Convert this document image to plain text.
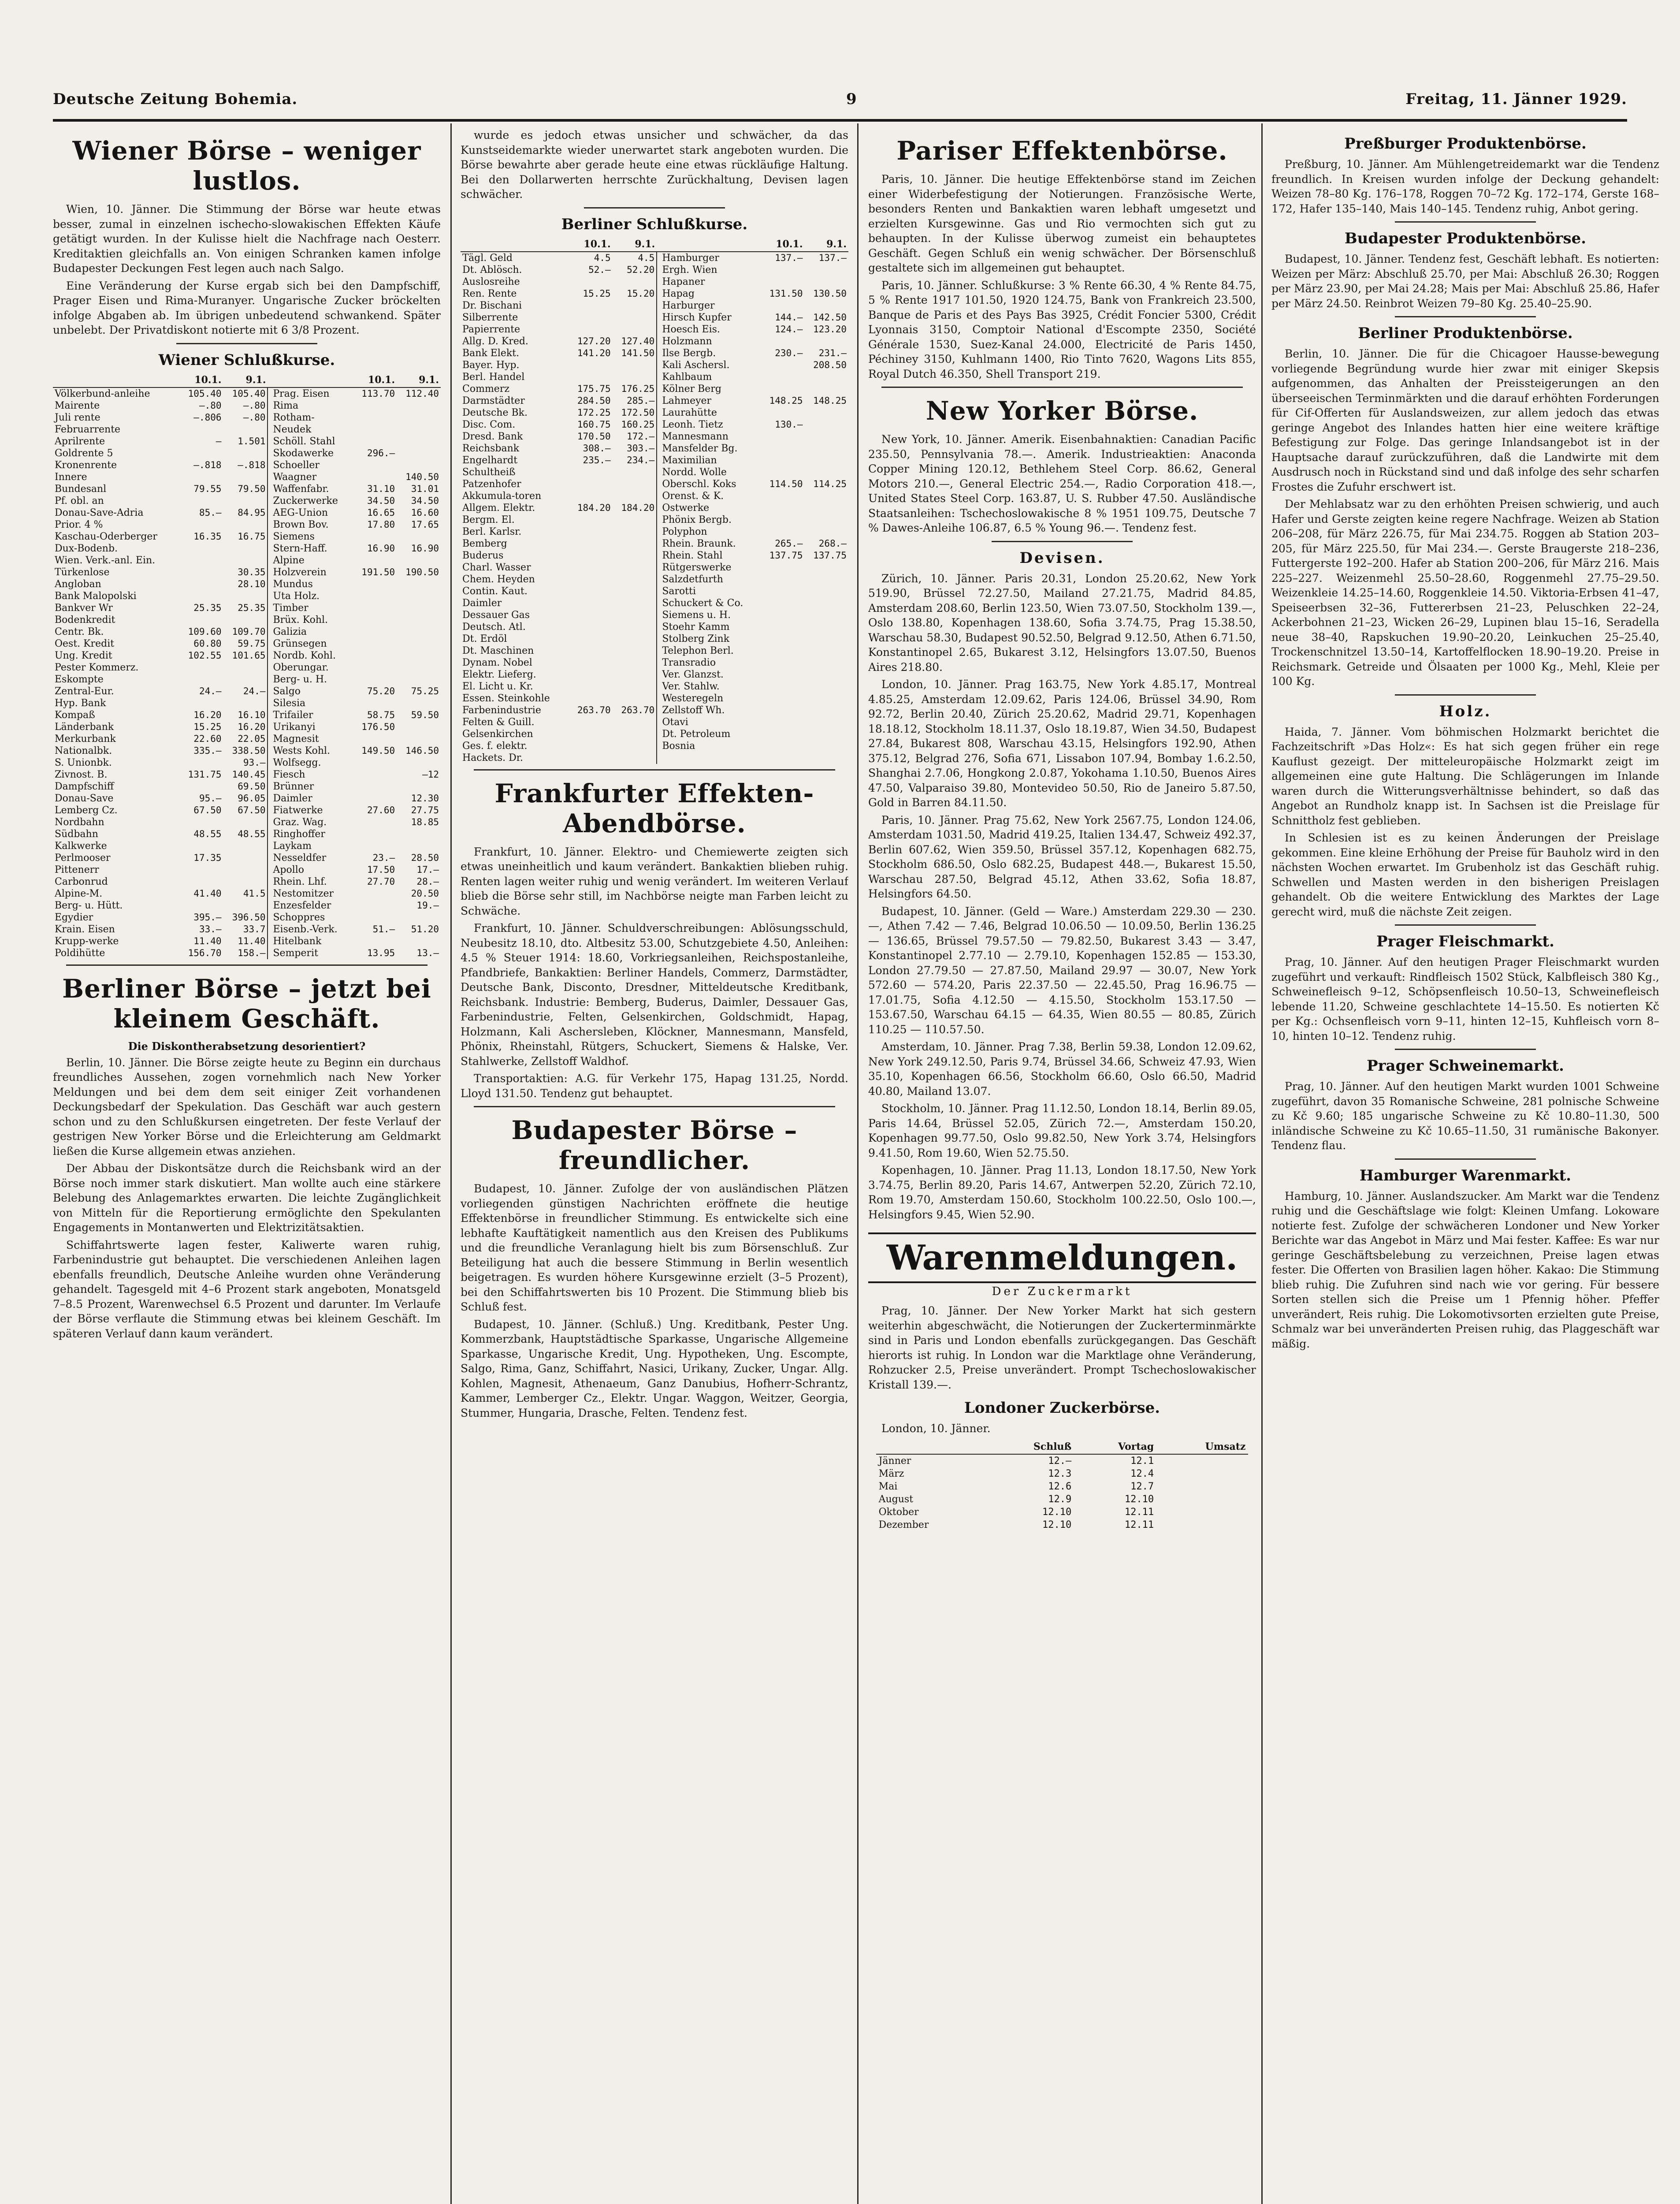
Deutsche Zeitung Bohemia.	9	Freitag, 11. Jänner 1929.
Wiener Börse – weniger lustlos.

Wien, 10. Jänner. Die Stimmung der Börse war heute etwas besser, zumal in einzelnen ischecho-slowakischen Effekten Käufe getätigt wurden. In der Kulisse hielt die Nachfrage nach Oesterr. Kreditaktien gleichfalls an. Von einigen Schranken kamen infolge Budapester Deckungen Fest legen auch nach Salgo.

Eine Veränderung der Kurse ergab sich bei den Dampfschiff, Prager Eisen und Rima-Muranyer. Ungarische Zucker bröckelten infolge Abgaben ab. Im übrigen unbedeutend schwankend. Später unbelebt. Der Privatdiskont notierte mit 6 3/8 Prozent.

Wiener Schlußkurse.
	10.1.	9.1.			10.1.	9.1.
Völkerbund-anleihe	105.40	105.40		Prag. Eisen	113.70	112.40
Mairente	—.80	—.80		Rima		
Juli rente	—.806	—.80		Rotham-		
Februarrente				Neudek		
Aprilrente	—	1.501		Schöll. Stahl		
Goldrente 5				Skodawerke	296.—	
Kronenrente	—.818	—.818		Schoeller		
Innere				Waagner		140.50
Bundesanl	79.55	79.50		Waffenfabr.	31.10	31.01
Pf. obl. an				Zuckerwerke	34.50	34.50
Donau-Save-Adria	85.—	84.95		AEG-Union	16.65	16.60
Prior. 4 %				Brown Bov.	17.80	17.65
Kaschau-Oderberger	16.35	16.75		Siemens		
Dux-Bodenb.				Stern-Haff.	16.90	16.90
Wien. Verk.-anl. Ein.				Alpine		
Türkenlose		30.35		Holzverein	191.50	190.50
Angloban		28.10		Mundus		
Bank Malopolski				Uta Holz.		
Bankver Wr	25.35	25.35		Timber		
Bodenkredit				Brüx. Kohl.		
Centr. Bk.	109.60	109.70		Galizia		
Oest. Kredit	60.80	59.75		Grünsegen		
Ung. Kredit	102.55	101.65		Nordb. Kohl.		
Pester Kommerz.				Oberungar.		
Eskompte				Berg- u. H.		
Zentral-Eur.	24.—	24.—		Salgo	75.20	75.25
Hyp. Bank				Silesia		
Kompaß	16.20	16.10		Trifailer	58.75	59.50
Länderbank	15.25	16.20		Urikanyi	176.50	
Merkurbank	22.60	22.05		Magnesit		
Nationalbk.	335.—	338.50		Wests Kohl.	149.50	146.50
S. Unionbk.		93.—		Wolfsegg.		
Zivnost. B.	131.75	140.45		Fiesch		—12
Dampfschiff		69.50		Brünner		
Donau-Save	95.—	96.05		Daimler		12.30
Lemberg Cz.	67.50	67.50		Fiatwerke	27.60	27.75
Nordbahn				Graz. Wag.		18.85
Südbahn	48.55	48.55		Ringhoffer		
Kalkwerke				Laykam		
Perlmooser	17.35			Nesseldfer	23.—	28.50
Pittenerr				Apollo	17.50	17.—
Carbonrud				Rhein. Lhf.	27.70	28.—
Alpine-M.	41.40	41.5		Nestomitzer		20.50
Berg- u. Hütt.				Enzesfelder		19.—
Egydier	395.—	396.50		Schoppres		
Krain. Eisen	33.—	33.7		Eisenb.-Verk.	51.—	51.20
Krupp-werke	11.40	11.40		Hitelbank		
Poldihütte	156.70	158.—		Semperit	13.95	13.—
Berliner Börse – jetzt bei kleinem Geschäft.
Die Diskontherabsetzung desorientiert?

Berlin, 10. Jänner. Die Börse zeigte heute zu Beginn ein durchaus freundliches Aussehen, zogen vornehmlich nach New Yorker Meldungen und bei dem dem seit einiger Zeit vorhandenen Deckungsbedarf der Spekulation. Das Geschäft war auch gestern schon und zu den Schlußkursen eingetreten. Der feste Verlauf der gestrigen New Yorker Börse und die Erleichterung am Geldmarkt ließen die Kurse allgemein etwas anziehen.

Der Abbau der Diskontsätze durch die Reichsbank wird an der Börse noch immer stark diskutiert. Man wollte auch eine stärkere Belebung des Anlagemarktes erwarten. Die leichte Zugänglichkeit von Mitteln für die Reportierung ermöglichte den Spekulanten Engagements in Montanwerten und Elektrizitätsaktien.

Schiffahrtswerte lagen fester, Kaliwerte waren ruhig, Farbenindustrie gut behauptet. Die verschiedenen Anleihen lagen ebenfalls freundlich, Deutsche Anleihe wurden ohne Veränderung gehandelt. Tagesgeld mit 4–6 Prozent stark angeboten, Monatsgeld 7–8.5 Prozent, Warenwechsel 6.5 Prozent und darunter. Im Verlaufe der Börse verflaute die Stimmung etwas bei kleinem Geschäft. Im späteren Verlauf dann kaum verändert.

wurde es jedoch etwas unsicher und schwächer, da das Kunstseidemarkte wieder unerwartet stark angeboten wurden. Die Börse bewahrte aber gerade heute eine etwas rückläufige Haltung. Bei den Dollarwerten herrschte Zurückhaltung, Devisen lagen schwächer.

Berliner Schlußkurse.
	10.1.	9.1.			10.1.	9.1.
Tägl. Geld	4.5	4.5		Hamburger	137.—	137.—
Dt. Ablösch.	52.—	52.20		Ergh. Wien		
Auslosreihe				Hapaner		
Ren. Rente	15.25	15.20		Hapag	131.50	130.50
Dr. Bischani				Harburger		
Silberrente				Hirsch Kupfer	144.—	142.50
Papierrente				Hoesch Eis.	124.—	123.20
Allg. D. Kred.	127.20	127.40		Holzmann		
Bank Elekt.	141.20	141.50		Ilse Bergb.	230.—	231.—
Bayer. Hyp.				Kali Aschersl.		208.50
Berl. Handel				Kahlbaum		
Commerz	175.75	176.25		Kölner Berg		
Darmstädter	284.50	285.—		Lahmeyer	148.25	148.25
Deutsche Bk.	172.25	172.50		Laurahütte		
Disc. Com.	160.75	160.25		Leonh. Tietz	130.—	
Dresd. Bank	170.50	172.—		Mannesmann		
Reichsbank	308.—	303.—		Mansfelder Bg.		
Engelhardt	235.—	234.—		Maximilian		
Schultheiß				Nordd. Wolle		
Patzenhofer				Oberschl. Koks	114.50	114.25
Akkumula-toren				Orenst. & K.		
Allgem. Elektr.	184.20	184.20		Ostwerke		
Bergm. El.				Phönix Bergb.		
Berl. Karlsr.				Polyphon		
Bemberg				Rhein. Braunk.	265.—	268.—
Buderus				Rhein. Stahl	137.75	137.75
Charl. Wasser				Rütgerswerke		
Chem. Heyden				Salzdetfurth		
Contin. Kaut.				Sarotti		
Daimler				Schuckert & Co.		
Dessauer Gas				Siemens u. H.		
Deutsch. Atl.				Stoehr Kamm		
Dt. Erdöl				Stolberg Zink		
Dt. Maschinen				Telephon Berl.		
Dynam. Nobel				Transradio		
Elektr. Lieferg.				Ver. Glanzst.		
El. Licht u. Kr.				Ver. Stahlw.		
Essen. Steinkohle				Westeregeln		
Farbenindustrie	263.70	263.70		Zellstoff Wh.		
Felten & Guill.				Otavi		
Gelsenkirchen				Dt. Petroleum		
Ges. f. elektr.				Bosnia		
Hackets. Dr.						
Frankfurter Effekten-Abendbörse.

Frankfurt, 10. Jänner. Elektro- und Chemiewerte zeigten sich etwas uneinheitlich und kaum verändert. Bankaktien blieben ruhig. Renten lagen weiter ruhig und wenig verändert. Im weiteren Verlauf blieb die Börse sehr still, im Nachbörse neigte man Farben leicht zu Schwäche.

Frankfurt, 10. Jänner. Schuldverschreibungen: Ablösungsschuld, Neubesitz 18.10, dto. Altbesitz 53.00, Schutzgebiete 4.50, Anleihen: 4.5 % Steuer 1914: 18.60, Vorkriegsanleihen, Reichspostanleihe, Pfandbriefe, Bankaktien: Berliner Handels, Commerz, Darmstädter, Deutsche Bank, Disconto, Dresdner, Mitteldeutsche Kreditbank, Reichsbank. Industrie: Bemberg, Buderus, Daimler, Dessauer Gas, Farbenindustrie, Felten, Gelsenkirchen, Goldschmidt, Hapag, Holzmann, Kali Aschersleben, Klöckner, Mannesmann, Mansfeld, Phönix, Rheinstahl, Rütgers, Schuckert, Siemens & Halske, Ver. Stahlwerke, Zellstoff Waldhof.

Transportaktien: A.G. für Verkehr 175, Hapag 131.25, Nordd. Lloyd 131.50. Tendenz gut behauptet.

Budapester Börse – freundlicher.

Budapest, 10. Jänner. Zufolge der von ausländischen Plätzen vorliegenden günstigen Nachrichten eröffnete die heutige Effektenbörse in freundlicher Stimmung. Es entwickelte sich eine lebhafte Kauftätigkeit namentlich aus den Kreisen des Publikums und die freundliche Veranlagung hielt bis zum Börsenschluß. Zur Beteiligung hat auch die bessere Stimmung in Berlin wesentlich beigetragen. Es wurden höhere Kursgewinne erzielt (3–5 Prozent), bei den Schiffahrtswerten bis 10 Prozent. Die Stimmung blieb bis Schluß fest.

Budapest, 10. Jänner. (Schluß.) Ung. Kreditbank, Pester Ung. Kommerzbank, Hauptstädtische Sparkasse, Ungarische Allgemeine Sparkasse, Ungarische Kredit, Ung. Hypotheken, Ung. Escompte, Salgo, Rima, Ganz, Schiffahrt, Nasici, Urikany, Zucker, Ungar. Allg. Kohlen, Magnesit, Athenaeum, Ganz Danubius, Hofherr-Schrantz, Kammer, Lemberger Cz., Elektr. Ungar. Waggon, Weitzer, Georgia, Stummer, Hungaria, Drasche, Felten. Tendenz fest.

Pariser Effektenbörse.

Paris, 10. Jänner. Die heutige Effektenbörse stand im Zeichen einer Widerbefestigung der Notierungen. Französische Werte, besonders Renten und Bankaktien waren lebhaft umgesetzt und erzielten Kursgewinne. Gas und Rio vermochten sich gut zu behaupten. In der Kulisse überwog zumeist ein behauptetes Geschäft. Gegen Schluß ein wenig schwächer. Der Börsenschluß gestaltete sich im allgemeinen gut behauptet.

Paris, 10. Jänner. Schlußkurse: 3 % Rente 66.30, 4 % Rente 84.75, 5 % Rente 1917 101.50, 1920 124.75, Bank von Frankreich 23.500, Banque de Paris et des Pays Bas 3925, Crédit Foncier 5300, Crédit Lyonnais 3150, Comptoir National d'Escompte 2350, Société Générale 1530, Suez-Kanal 24.000, Electricité de Paris 1450, Péchiney 3150, Kuhlmann 1400, Rio Tinto 7620, Wagons Lits 855, Royal Dutch 46.350, Shell Transport 219.

New Yorker Börse.

New York, 10. Jänner. Amerik. Eisenbahnaktien: Canadian Pacific 235.50, Pennsylvania 78.—. Amerik. Industrieaktien: Anaconda Copper Mining 120.12, Bethlehem Steel Corp. 86.62, General Motors 210.—, General Electric 254.—, Radio Corporation 418.—, United States Steel Corp. 163.87, U. S. Rubber 47.50. Ausländische Staatsanleihen: Tschechoslowakische 8 % 1951 109.75, Deutsche 7 % Dawes-Anleihe 106.87, 6.5 % Young 96.—. Tendenz fest.

Devisen.

Zürich, 10. Jänner. Paris 20.31, London 25.20.62, New York 519.90, Brüssel 72.27.50, Mailand 27.21.75, Madrid 84.85, Amsterdam 208.60, Berlin 123.50, Wien 73.07.50, Stockholm 139.—, Oslo 138.80, Kopenhagen 138.60, Sofia 3.74.75, Prag 15.38.50, Warschau 58.30, Budapest 90.52.50, Belgrad 9.12.50, Athen 6.71.50, Konstantinopel 2.65, Bukarest 3.12, Helsingfors 13.07.50, Buenos Aires 218.80.

London, 10. Jänner. Prag 163.75, New York 4.85.17, Montreal 4.85.25, Amsterdam 12.09.62, Paris 124.06, Brüssel 34.90, Rom 92.72, Berlin 20.40, Zürich 25.20.62, Madrid 29.71, Kopenhagen 18.18.12, Stockholm 18.11.37, Oslo 18.19.87, Wien 34.50, Budapest 27.84, Bukarest 808, Warschau 43.15, Helsingfors 192.90, Athen 375.12, Belgrad 276, Sofia 671, Lissabon 107.94, Bombay 1.6.2.50, Shanghai 2.7.06, Hongkong 2.0.87, Yokohama 1.10.50, Buenos Aires 47.50, Valparaiso 39.80, Montevideo 50.50, Rio de Janeiro 5.87.50, Gold in Barren 84.11.50.

Paris, 10. Jänner. Prag 75.62, New York 2567.75, London 124.06, Amsterdam 1031.50, Madrid 419.25, Italien 134.47, Schweiz 492.37, Berlin 607.62, Wien 359.50, Brüssel 357.12, Kopenhagen 682.75, Stockholm 686.50, Oslo 682.25, Budapest 448.—, Bukarest 15.50, Warschau 287.50, Belgrad 45.12, Athen 33.62, Sofia 18.87, Helsingfors 64.50.

Budapest, 10. Jänner. (Geld — Ware.) Amsterdam 229.30 — 230.—, Athen 7.42 — 7.46, Belgrad 10.06.50 — 10.09.50, Berlin 136.25 — 136.65, Brüssel 79.57.50 — 79.82.50, Bukarest 3.43 — 3.47, Konstantinopel 2.77.10 — 2.79.10, Kopenhagen 152.85 — 153.30, London 27.79.50 — 27.87.50, Mailand 29.97 — 30.07, New York 572.60 — 574.20, Paris 22.37.50 — 22.45.50, Prag 16.96.75 — 17.01.75, Sofia 4.12.50 — 4.15.50, Stockholm 153.17.50 — 153.67.50, Warschau 64.15 — 64.35, Wien 80.55 — 80.85, Zürich 110.25 — 110.57.50.

Amsterdam, 10. Jänner. Prag 7.38, Berlin 59.38, London 12.09.62, New York 249.12.50, Paris 9.74, Brüssel 34.66, Schweiz 47.93, Wien 35.10, Kopenhagen 66.56, Stockholm 66.60, Oslo 66.50, Madrid 40.80, Mailand 13.07.

Stockholm, 10. Jänner. Prag 11.12.50, London 18.14, Berlin 89.05, Paris 14.64, Brüssel 52.05, Zürich 72.—, Amsterdam 150.20, Kopenhagen 99.77.50, Oslo 99.82.50, New York 3.74, Helsingfors 9.41.50, Rom 19.60, Wien 52.75.50.

Kopenhagen, 10. Jänner. Prag 11.13, London 18.17.50, New York 3.74.75, Berlin 89.20, Paris 14.67, Antwerpen 52.20, Zürich 72.10, Rom 19.70, Amsterdam 150.60, Stockholm 100.22.50, Oslo 100.—, Helsingfors 9.45, Wien 52.90.

Warenmeldungen.
Der Zuckermarkt

Prag, 10. Jänner. Der New Yorker Markt hat sich gestern weiterhin abgeschwächt, die Notierungen der Zuckerterminmärkte sind in Paris und London ebenfalls zurückgegangen. Das Geschäft hierorts ist ruhig. In London war die Marktlage ohne Veränderung, Rohzucker 2.5, Preise unverändert. Prompt Tschechoslowakischer Kristall 139.—.

Londoner Zuckerbörse.

London, 10. Jänner.

	Schluß	Vortag	Umsatz
Jänner	12.—	12.1	
März	12.3	12.4	
Mai	12.6	12.7	
August	12.9	12.10	
Oktober	12.10	12.11	
Dezember	12.10	12.11	
Preßburger Produktenbörse.

Preßburg, 10. Jänner. Am Mühlengetreidemarkt war die Tendenz freundlich. In Kreisen wurden infolge der Deckung gehandelt: Weizen 78–80 Kg. 176–178, Roggen 70–72 Kg. 172–174, Gerste 168–172, Hafer 135–140, Mais 140–145. Tendenz ruhig, Anbot gering.

Budapester Produktenbörse.

Budapest, 10. Jänner. Tendenz fest, Geschäft lebhaft. Es notierten: Weizen per März: Abschluß 25.70, per Mai: Abschluß 26.30; Roggen per März 23.90, per Mai 24.28; Mais per Mai: Abschluß 25.86, Hafer per März 24.50. Reinbrot Weizen 79–80 Kg. 25.40–25.90.

Berliner Produktenbörse.

Berlin, 10. Jänner. Die für die Chicagoer Hausse-bewegung vorliegende Begründung wurde hier zwar mit einiger Skepsis aufgenommen, das Anhalten der Preissteigerungen an den überseeischen Terminmärkten und die darauf erhöhten Forderungen für Cif-Offerten für Auslandsweizen, zur allem jedoch das etwas geringe Angebot des Inlandes hatten hier eine weitere kräftige Befestigung zur Folge. Das geringe Inlandsangebot ist in der Hauptsache darauf zurückzuführen, daß die Landwirte mit dem Ausdrusch noch in Rückstand sind und daß infolge des sehr scharfen Frostes die Zufuhr erschwert ist.

Der Mehlabsatz war zu den erhöhten Preisen schwierig, und auch Hafer und Gerste zeigten keine regere Nachfrage. Weizen ab Station 206–208, für März 226.75, für Mai 234.75. Roggen ab Station 203–205, für März 225.50, für Mai 234.—. Gerste Braugerste 218–236, Futtergerste 192–200. Hafer ab Station 200–206, für März 216. Mais 225–227. Weizenmehl 25.50–28.60, Roggenmehl 27.75–29.50. Weizenkleie 14.25–14.60, Roggenkleie 14.50. Viktoria-Erbsen 41–47, Speiseerbsen 32–36, Futtererbsen 21–23, Peluschken 22–24, Ackerbohnen 21–23, Wicken 26–29, Lupinen blau 15–16, Seradella neue 38–40, Rapskuchen 19.90–20.20, Leinkuchen 25–25.40, Trockenschnitzel 13.50–14, Kartoffelflocken 18.90–19.20. Preise in Reichsmark. Getreide und Ölsaaten per 1000 Kg., Mehl, Kleie per 100 Kg.

Holz.

Haida, 7. Jänner. Vom böhmischen Holzmarkt berichtet die Fachzeitschrift »Das Holz«: Es hat sich gegen früher ein rege Kauflust gezeigt. Der mitteleuropäische Holzmarkt zeigt im allgemeinen eine gute Haltung. Die Schlägerungen im Inlande waren durch die Witterungsverhältnisse behindert, so daß das Angebot an Rundholz knapp ist. In Sachsen ist die Preislage für Schnittholz fest geblieben.

In Schlesien ist es zu keinen Änderungen der Preislage gekommen. Eine kleine Erhöhung der Preise für Bauholz wird in den nächsten Wochen erwartet. Im Grubenholz ist das Geschäft ruhig. Schwellen und Masten werden in den bisherigen Preislagen gehandelt. Ob die weitere Entwicklung des Marktes der Lage gerecht wird, muß die nächste Zeit zeigen.

Prager Fleischmarkt.

Prag, 10. Jänner. Auf den heutigen Prager Fleischmarkt wurden zugeführt und verkauft: Rindfleisch 1502 Stück, Kalbfleisch 380 Kg., Schweinefleisch 9–12, Schöpsenfleisch 10.50–13, Schweinefleisch lebende 11.20, Schweine geschlachtete 14–15.50. Es notierten Kč per Kg.: Ochsenfleisch vorn 9–11, hinten 12–15, Kuhfleisch vorn 8–10, hinten 10–12. Tendenz ruhig.

Prager Schweinemarkt.

Prag, 10. Jänner. Auf den heutigen Markt wurden 1001 Schweine zugeführt, davon 35 Romanische Schweine, 281 polnische Schweine zu Kč 9.60; 185 ungarische Schweine zu Kč 10.80–11.30, 500 inländische Schweine zu Kč 10.65–11.50, 31 rumänische Bakonyer. Tendenz flau.

Hamburger Warenmarkt.

Hamburg, 10. Jänner. Auslandszucker. Am Markt war die Tendenz ruhig und die Geschäftslage wie folgt: Kleinen Umfang. Lokoware notierte fest. Zufolge der schwächeren Londoner und New Yorker Berichte war das Angebot in März und Mai fester. Kaffee: Es war nur geringe Geschäftsbelebung zu verzeichnen, Preise lagen etwas fester. Die Offerten von Brasilien lagen höher. Kakao: Die Stimmung blieb ruhig. Die Zufuhren sind nach wie vor gering. Für bessere Sorten stellen sich die Preise um 1 Pfennig höher. Pfeffer unverändert, Reis ruhig. Die Lokomotivsorten erzielten gute Preise, Schmalz war bei unveränderten Preisen ruhig, das Plaggeschäft war mäßig.
